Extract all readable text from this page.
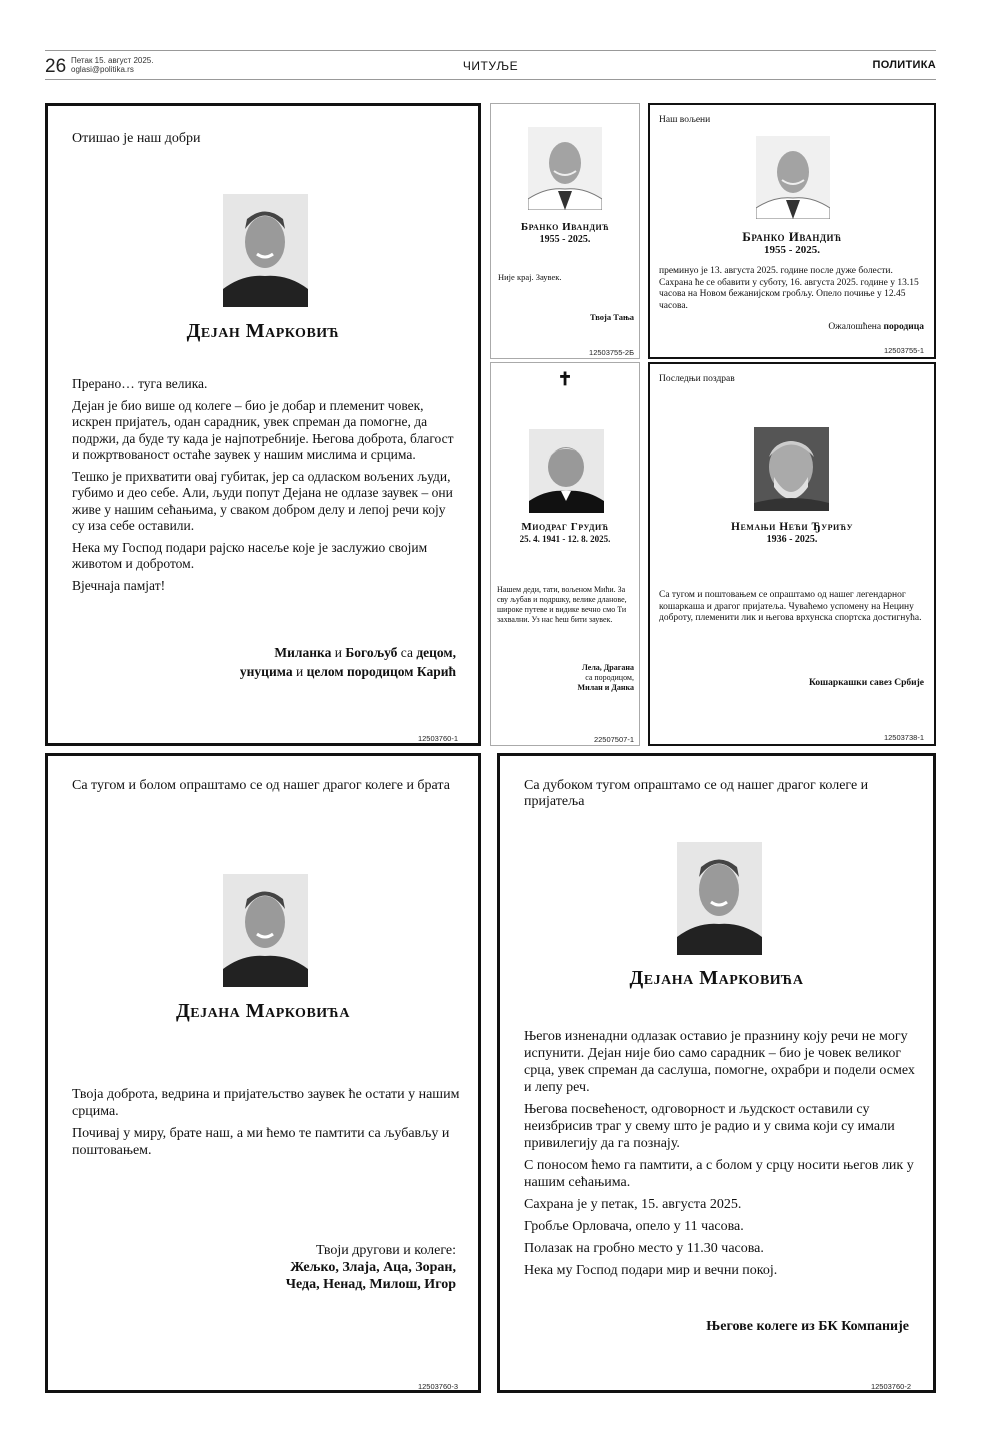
26 Петак 15. август 2025.
oglasi@politika.rs	ЧИТУЉЕ	ПОЛИТИКА
Отишао је наш добри
Дејан Марковић

Прерано… туга велика.

Дејан је био више од колеге – био је добар и племенит човек, искрен пријатељ, одан сарадник, увек спреман да помогне, да подржи, да буде ту када је најпотребније. Његова доброта, благост и пожртвованост остаће заувек у нашим мислима и срцима.

Тешко је прихватити овај губитак, јер са одласком вољених људи, губимо и део себе. Али, људи попут Дејана не одлазе заувек – они живе у нашим сећањима, у сваком добром делу и лепој речи коју су иза себе оставили.

Нека му Господ подари рајско насеље које је заслужио својим животом и добротом.

Вјечнаја памјат!

Миланка и Богољуб са децом,
унуцима и целом породицом Карић
12503760-1
Бранко Ивандић
1955 - 2025.
Није крај. Заувек.
Твоја Тања
12503755-2Б
Наш вољени
Бранко Ивандић
1955 - 2025.
преминуо је 13. августа 2025. године после дуже болести. Сахрана ће се обавити у суботу, 16. августа 2025. године у 13.15 часова на Новом бежанијском гробљу. Опело почиње у 12.45 часова.
Ожалошћена породица
12503755-1
✝
Миодраг Грудић
25. 4. 1941 - 12. 8. 2025.
Нашем деди, тати, вољеном Мићи. За сву љубав и подршку, велике дланове, широке путеве и видике вечно смо Ти захвални. Уз нас ћеш бити заувек.
Лела, Драгана
са породицом,
Милан и Данка
22507507-1
Последњи поздрав
Немањи Нећи Ђурићу
1936 - 2025.
Са тугом и поштовањем се опраштамо од нашег легендарног кошаркаша и драгог пријатеља. Чуваћемо успомену на Нецину доброту, племенити лик и његова врхунска спортска достигнућа.
Кошаркашки савез Србије
12503738-1
Са тугом и болом опраштамо се од нашег драгог колеге и брата
Дејана Марковића

Твоја доброта, ведрина и пријатељство заувек ће остати у нашим срцима.

Почивај у миру, брате наш, а ми ћемо те памтити са љубављу и поштовањем.

Твоји другови и колеге:
Жељко, Злаја, Аца, Зоран,
Чеда, Ненад, Милош, Игор
12503760-3
Са дубоком тугом опраштамо се од нашег драгог колеге и пријатеља
Дејана Марковића

Његов изненадни одлазак оставио је празнину коју речи не могу испунити. Дејан није био само сарадник – био је човек великог срца, увек спреман да саслуша, помогне, охрабри и подели осмех и лепу реч.

Његова посвећеност, одговорност и људскост оставили су неизбрисив траг у свему што је радио и у свима који су имали привилегију да га познају.

С поносом ћемо га памтити, а с болом у срцу носити његов лик у нашим сећањима.

Сахрана је у петак, 15. августа 2025.

Гробље Орловача, опело у 11 часова.

Полазак на гробно место у 11.30 часова.

Нека му Господ подари мир и вечни покој.

Његове колеге из БК Компаније
12503760-2
